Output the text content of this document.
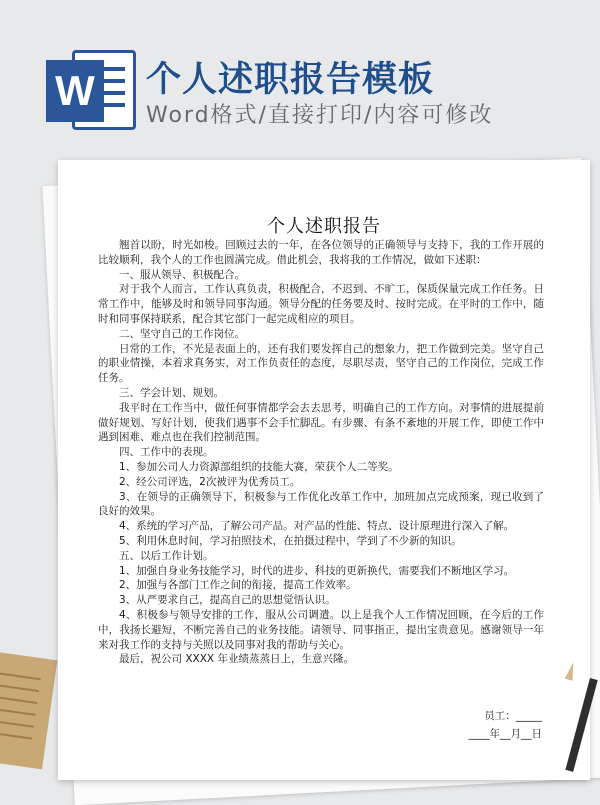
W 个人述职报告模板
Word格式/直接打印/内容可修改
个人述职报告

翘首以盼，时光如梭。回顾过去的一年，在各位领导的正确领导与支持下，我的工作开展的比较顺利，我个人的工作也圆满完成。借此机会，我将我的工作情况，做如下述职：

一、服从领导、积极配合。

对于我个人而言，工作认真负责，积极配合，不迟到、不旷工，保质保量完成工作任务。日常工作中，能够及时和领导同事沟通。领导分配的任务要及时、按时完成。在平时的工作中，随时和同事保持联系，配合其它部门一起完成相应的项目。

二、坚守自己的工作岗位。

日常的工作，不光是表面上的，还有我们要发挥自己的想象力，把工作做到完美。坚守自己的职业情操，本着求真务实，对工作负责任的态度，尽职尽责，坚守自己的工作岗位，完成工作任务。

三、学会计划、规划。

我平时在工作当中，做任何事情都学会去去思考，明确自己的工作方向。对事情的进展提前做好规划、写好计划，使我们遇事不会手忙脚乱。有步骤、有条不紊地的开展工作，即使工作中遇到困难、难点也在我们控制范围。

四、工作中的表现。

1、参加公司人力资源部组织的技能大赛，荣获个人二等奖。

2、经公司评选，2次被评为优秀员工。

3、在领导的正确领导下，积极参与工作优化改革工作中，加班加点完成预案，现已收到了良好的效果。

4、系统的学习产品，了解公司产品。对产品的性能、特点、设计原理进行深入了解。

5、利用休息时间，学习拍照技术，在拍摄过程中，学到了不少新的知识。

五、以后工作计划。

1、加强自身业务技能学习，时代的进步、科技的更新换代，需要我们不断地区学习。

2、加强与各部门工作之间的衔接，提高工作效率。

3、从严要求自己，提高自己的思想觉悟认识。

4、积极参与领导安排的工作，服从公司调遣。以上是我个人工作情况回顾，在今后的工作中，我扬长避短，不断完善自己的业务技能。请领导、同事指正，提出宝贵意见。感谢领导一年来对我工作的支持与关照以及同事对我的帮助与关心。

最后，祝公司 XXXX 年业绩蒸蒸日上，生意兴隆。

员工：_____
____年__月__日
